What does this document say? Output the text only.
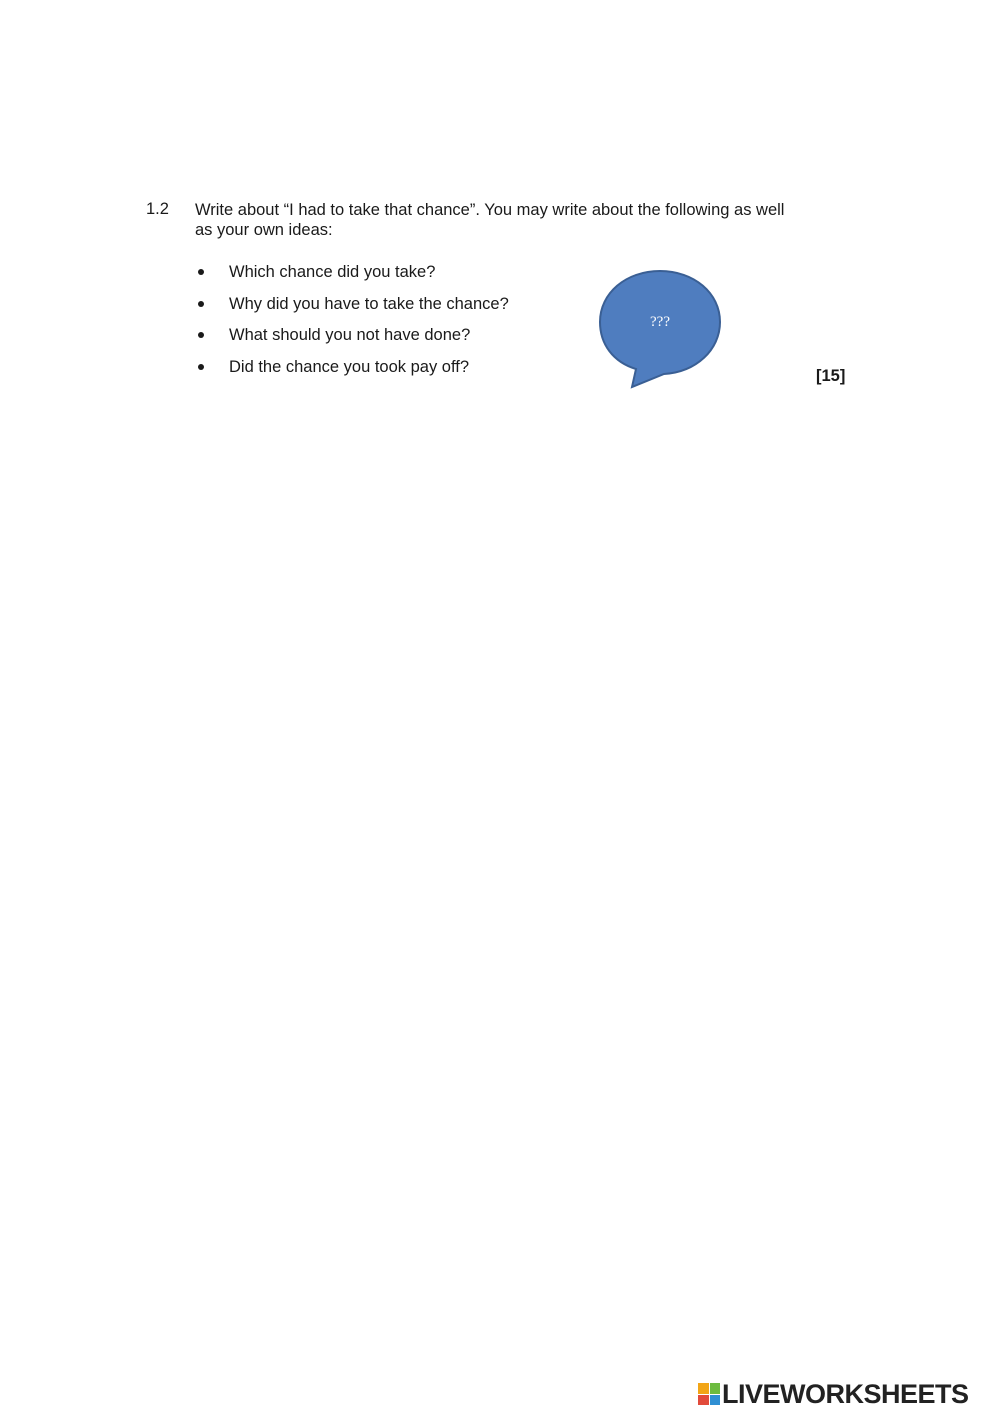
1.2 Write about “I had to take that chance”. You may write about the following as well as your own ideas:
Which chance did you take?
Why did you have to take the chance?
What should you not have done?
Did the chance you took pay off?
[15]
???
LIVEWORKSHEETS
